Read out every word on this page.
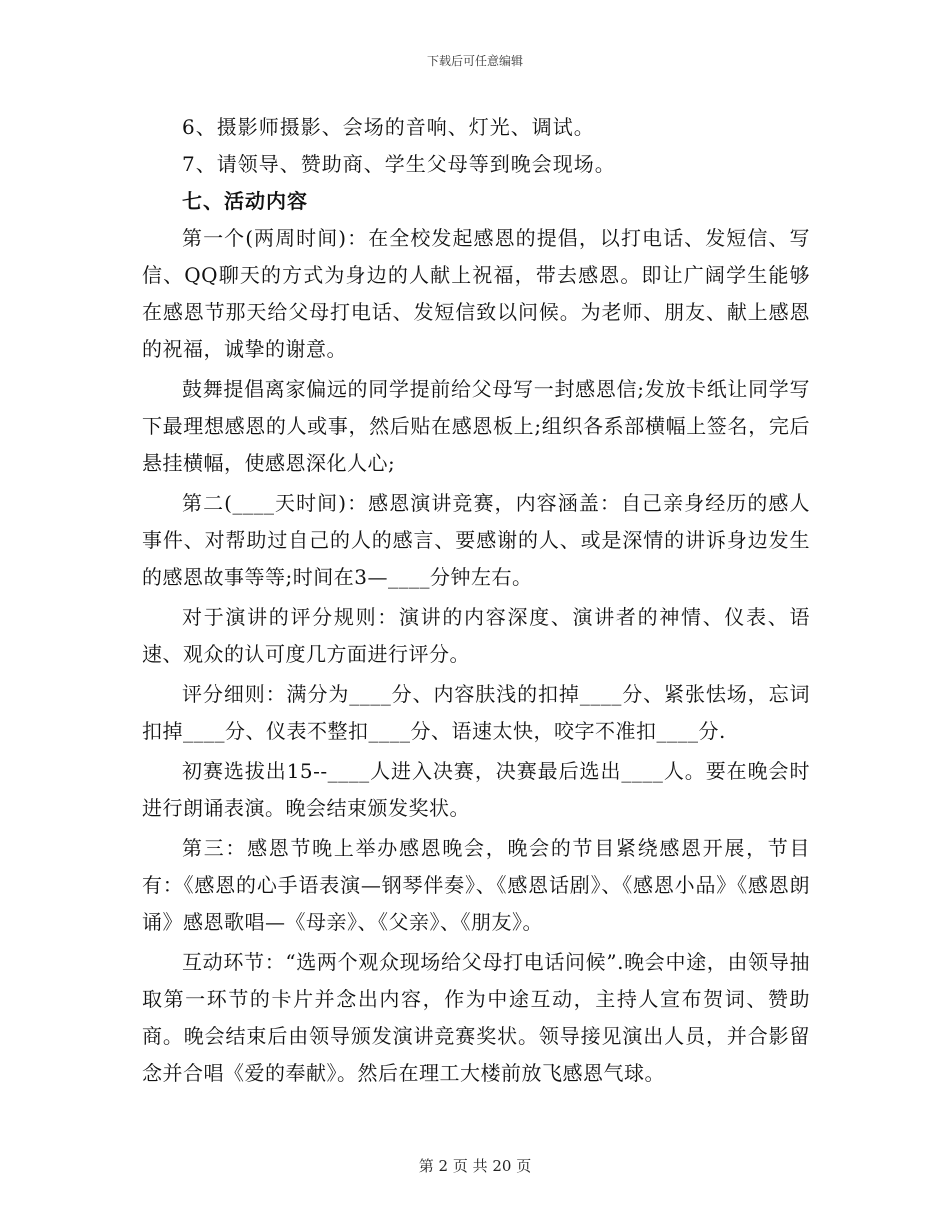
下载后可任意编辑

6、摄影师摄影、会场的音响、灯光、调试。

7、请领导、赞助商、学生父母等到晚会现场。

七、活动内容

第一个(两周时间)：在全校发起感恩的提倡，以打电话、发短信、写信、QQ聊天的方式为身边的人献上祝福，带去感恩。即让广阔学生能够在感恩节那天给父母打电话、发短信致以问候。为老师、朋友、献上感恩的祝福，诚挚的谢意。

鼓舞提倡离家偏远的同学提前给父母写一封感恩信;发放卡纸让同学写下最理想感恩的人或事，然后贴在感恩板上;组织各系部横幅上签名，完后悬挂横幅，使感恩深化人心;

第二(____天时间)：感恩演讲竞赛，内容涵盖：自己亲身经历的感人事件、对帮助过自己的人的感言、要感谢的人、或是深情的讲诉身边发生的感恩故事等等;时间在3—____分钟左右。

对于演讲的评分规则：演讲的内容深度、演讲者的神情、仪表、语速、观众的认可度几方面进行评分。

评分细则：满分为____分、内容肤浅的扣掉____分、紧张怯场，忘词扣掉____分、仪表不整扣____分、语速太快，咬字不准扣____分.

初赛选拔出15--____人进入决赛，决赛最后选出____人。要在晚会时进行朗诵表演。晚会结束颁发奖状。

第三：感恩节晚上举办感恩晚会，晚会的节目紧绕感恩开展，节目有：《感恩的心手语表演—钢琴伴奏》、《感恩话剧》、《感恩小品》《感恩朗诵》感恩歌唱—《母亲》、《父亲》、《朋友》。

互动环节：“选两个观众现场给父母打电话问候”.晚会中途，由领导抽取第一环节的卡片并念出内容，作为中途互动，主持人宣布贺词、赞助商。晚会结束后由领导颁发演讲竞赛奖状。领导接见演出人员，并合影留念并合唱《爱的奉献》。然后在理工大楼前放飞感恩气球。

第 2 页 共 20 页
